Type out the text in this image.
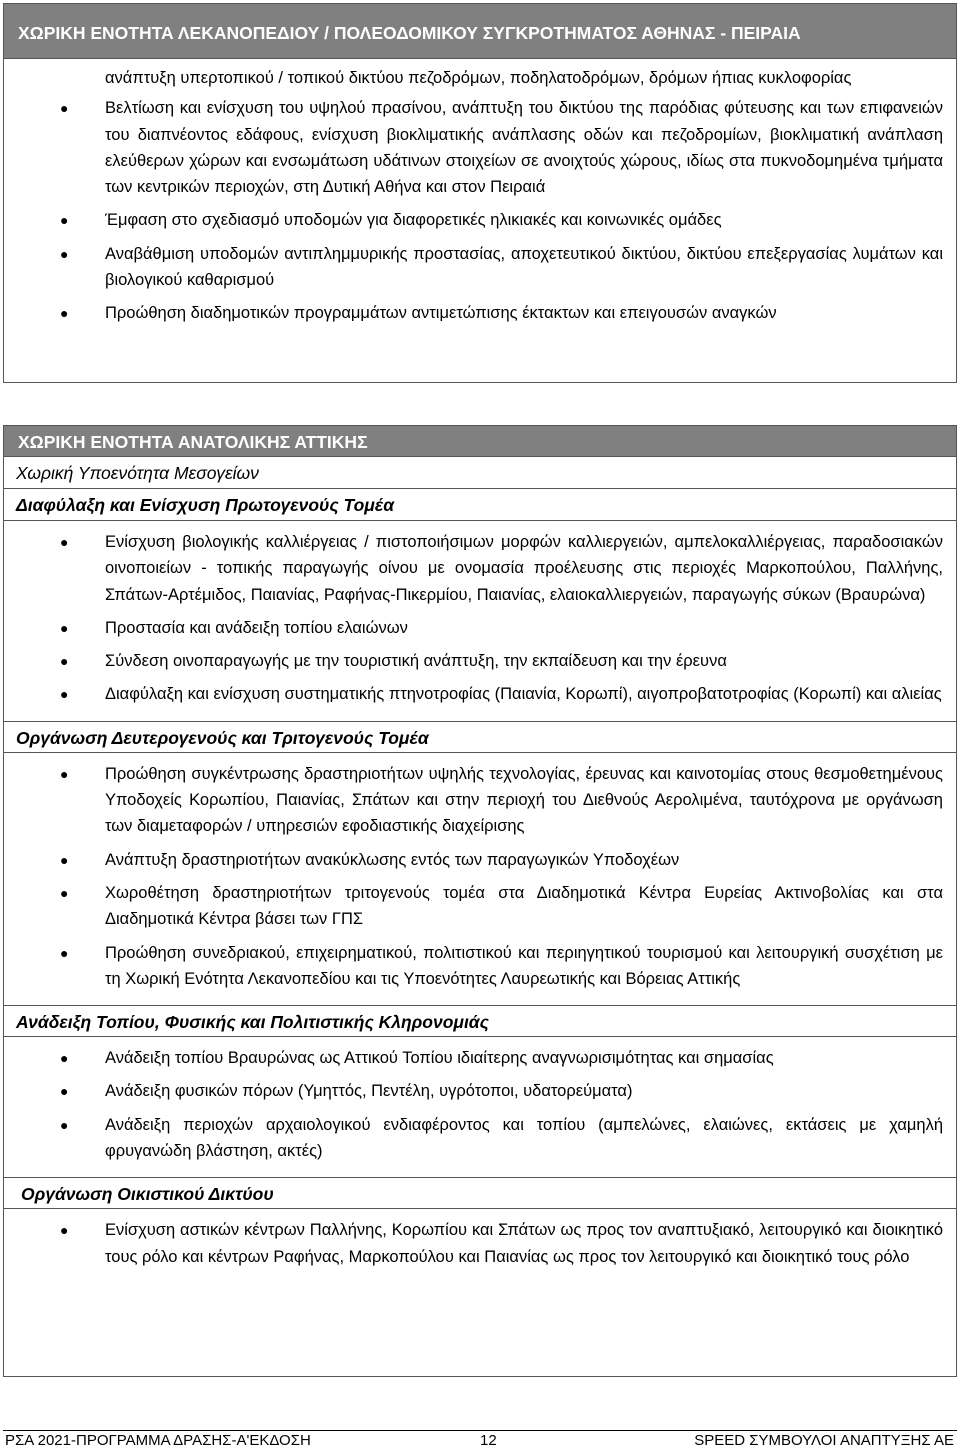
ΧΩΡΙΚΗ ΕΝΟΤΗΤΑ ΛΕΚΑΝΟΠΕΔΙΟΥ / ΠΟΛΕΟΔΟΜΙΚΟΥ ΣΥΓΚΡΟΤΗΜΑΤΟΣ ΑΘΗΝΑΣ - ΠΕΙΡΑΙΑ
ανάπτυξη υπερτοπικού / τοπικού δικτύου πεζοδρόμων, ποδηλατοδρόμων, δρόμων ήπιας κυκλοφορίας
● Βελτίωση και ενίσχυση του υψηλού πρασίνου, ανάπτυξη του δικτύου της παρόδιας φύτευσης και των επιφανειών του διαπνέοντος εδάφους, ενίσχυση βιοκλιματικής ανάπλασης οδών και πεζοδρομίων, βιοκλιματική ανάπλαση ελεύθερων χώρων και ενσωμάτωση υδάτινων στοιχείων σε ανοιχτούς χώρους, ιδίως στα πυκνοδομημένα τμήματα των κεντρικών περιοχών, στη Δυτική Αθήνα και στον Πειραιά
● Έμφαση στο σχεδιασμό υποδομών για διαφορετικές ηλικιακές και κοινωνικές ομάδες
● Αναβάθμιση υποδομών αντιπλημμυρικής προστασίας, αποχετευτικού δικτύου, δικτύου επεξεργασίας λυμάτων και βιολογικού καθαρισμού
● Προώθηση διαδημοτικών προγραμμάτων αντιμετώπισης έκτακτων και επειγουσών αναγκών
ΧΩΡΙΚΗ ΕΝΟΤΗΤΑ ΑΝΑΤΟΛΙΚΗΣ ΑΤΤΙΚΗΣ
Χωρική Υποενότητα Μεσογείων
Διαφύλαξη και Ενίσχυση Πρωτογενούς Τομέα
● Ενίσχυση βιολογικής καλλιέργειας / πιστοποιήσιμων μορφών καλλιεργειών, αμπελοκαλλιέργειας, παραδοσιακών οινοποιείων - τοπικής παραγωγής οίνου με ονομασία προέλευσης στις περιοχές Μαρκοπούλου, Παλλήνης, Σπάτων-Αρτέμιδος, Παιανίας, Ραφήνας-Πικερμίου, Παιανίας, ελαιοκαλλιεργειών, παραγωγής σύκων (Βραυρώνα)
● Προστασία και ανάδειξη τοπίου ελαιώνων
● Σύνδεση οινοπαραγωγής με την τουριστική ανάπτυξη, την εκπαίδευση και την έρευνα
● Διαφύλαξη και ενίσχυση συστηματικής πτηνοτροφίας (Παιανία, Κορωπί), αιγοπροβατοτροφίας (Κορωπί) και αλιείας
Οργάνωση Δευτερογενούς και Τριτογενούς Τομέα
● Προώθηση συγκέντρωσης δραστηριοτήτων υψηλής τεχνολογίας, έρευνας και καινοτομίας στους θεσμοθετημένους Υποδοχείς Κορωπίου, Παιανίας, Σπάτων και στην περιοχή του Διεθνούς Αερολιμένα, ταυτόχρονα με οργάνωση των διαμεταφορών / υπηρεσιών εφοδιαστικής διαχείρισης
● Ανάπτυξη δραστηριοτήτων ανακύκλωσης εντός των παραγωγικών Υποδοχέων
● Χωροθέτηση δραστηριοτήτων τριτογενούς τομέα στα Διαδημοτικά Κέντρα Ευρείας Ακτινοβολίας και στα Διαδημοτικά Κέντρα βάσει των ΓΠΣ
● Προώθηση συνεδριακού, επιχειρηματικού, πολιτιστικού και περιηγητικού τουρισμού και λειτουργική συσχέτιση με τη Χωρική Ενότητα Λεκανοπεδίου και τις Υποενότητες Λαυρεωτικής και Βόρειας Αττικής
Ανάδειξη Τοπίου, Φυσικής και Πολιτιστικής Κληρονομιάς
● Ανάδειξη τοπίου Βραυρώνας ως Αττικού Τοπίου ιδιαίτερης αναγνωρισιμότητας και σημασίας
● Ανάδειξη φυσικών πόρων (Υμηττός, Πεντέλη, υγρότοποι, υδατορεύματα)
● Ανάδειξη περιοχών αρχαιολογικού ενδιαφέροντος και τοπίου (αμπελώνες, ελαιώνες, εκτάσεις με χαμηλή φρυγανώδη βλάστηση, ακτές)
Οργάνωση Οικιστικού Δικτύου
● Ενίσχυση αστικών κέντρων Παλλήνης, Κορωπίου και Σπάτων ως προς τον αναπτυξιακό, λειτουργικό και διοικητικό τους ρόλο και κέντρων Ραφήνας, Μαρκοπούλου και Παιανίας ως προς τον λειτουργικό και διοικητικό τους ρόλο
ΡΣΑ 2021-ΠΡΟΓΡΑΜΜΑ ΔΡΑΣΗΣ-Α'ΕΚΔΟΣΗ	12	SPEED ΣΥΜΒΟΥΛΟΙ ΑΝΑΠΤΥΞΗΣ ΑΕ
